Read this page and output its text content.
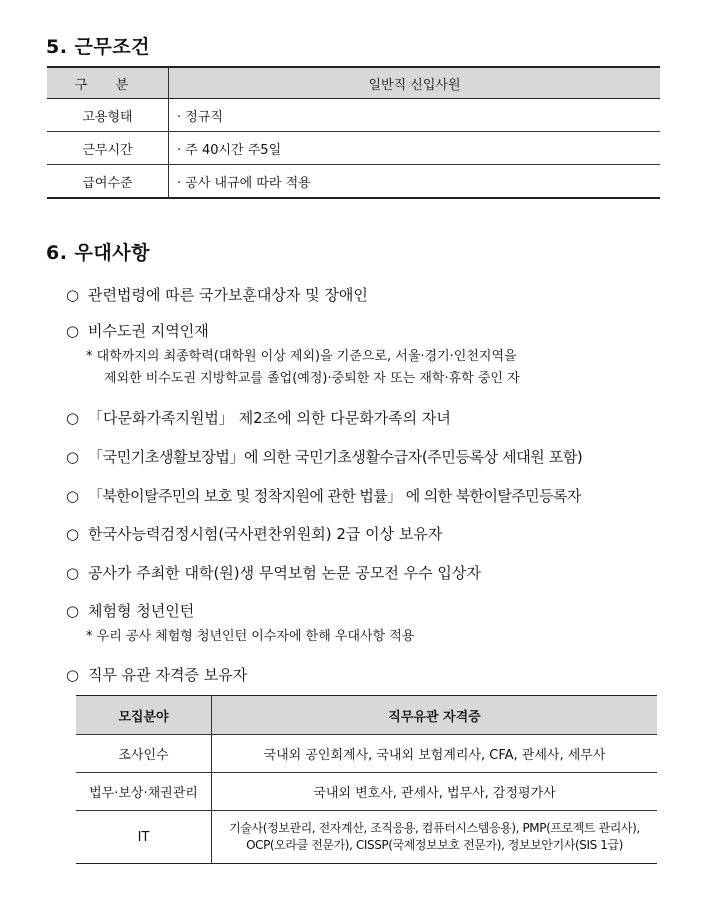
5. 근무조건
구 분	일반직 신입사원
고용형태	· 정규직
근무시간	· 주 40시간 주5일
급여수준	· 공사 내규에 따라 적용
6. 우대사항
○ 관련법령에 따른 국가보훈대상자 및 장애인
○ 비수도권 지역인재
* 대학까지의 최종학력(대학원 이상 제외)을 기준으로, 서울·경기·인천지역을
제외한 비수도권 지방학교를 졸업(예정)·중퇴한 자 또는 재학·휴학 중인 자
○ 「다문화가족지원법」 제2조에 의한 다문화가족의 자녀
○ 「국민기초생활보장법」에 의한 국민기초생활수급자(주민등록상 세대원 포함)
○ 「북한이탈주민의 보호 및 정착지원에 관한 법률」 에 의한 북한이탈주민등록자
○ 한국사능력검정시험(국사편찬위원회) 2급 이상 보유자
○ 공사가 주최한 대학(원)생 무역보험 논문 공모전 우수 입상자
○ 체험형 청년인턴
* 우리 공사 체험형 청년인턴 이수자에 한해 우대사항 적용
○ 직무 유관 자격증 보유자
모집분야	직무유관 자격증
조사인수	국내외 공인회계사, 국내외 보험계리사, CFA, 관세사, 세무사
법무·보상·채권관리	국내외 변호사, 관세사, 법무사, 감정평가사
IT	기술사(정보관리, 전자계산, 조직응용, 컴퓨터시스템응용), PMP(프로젝트 관리사),
OCP(오라클 전문가), CISSP(국제정보보호 전문가), 정보보안기사(SIS 1급)
